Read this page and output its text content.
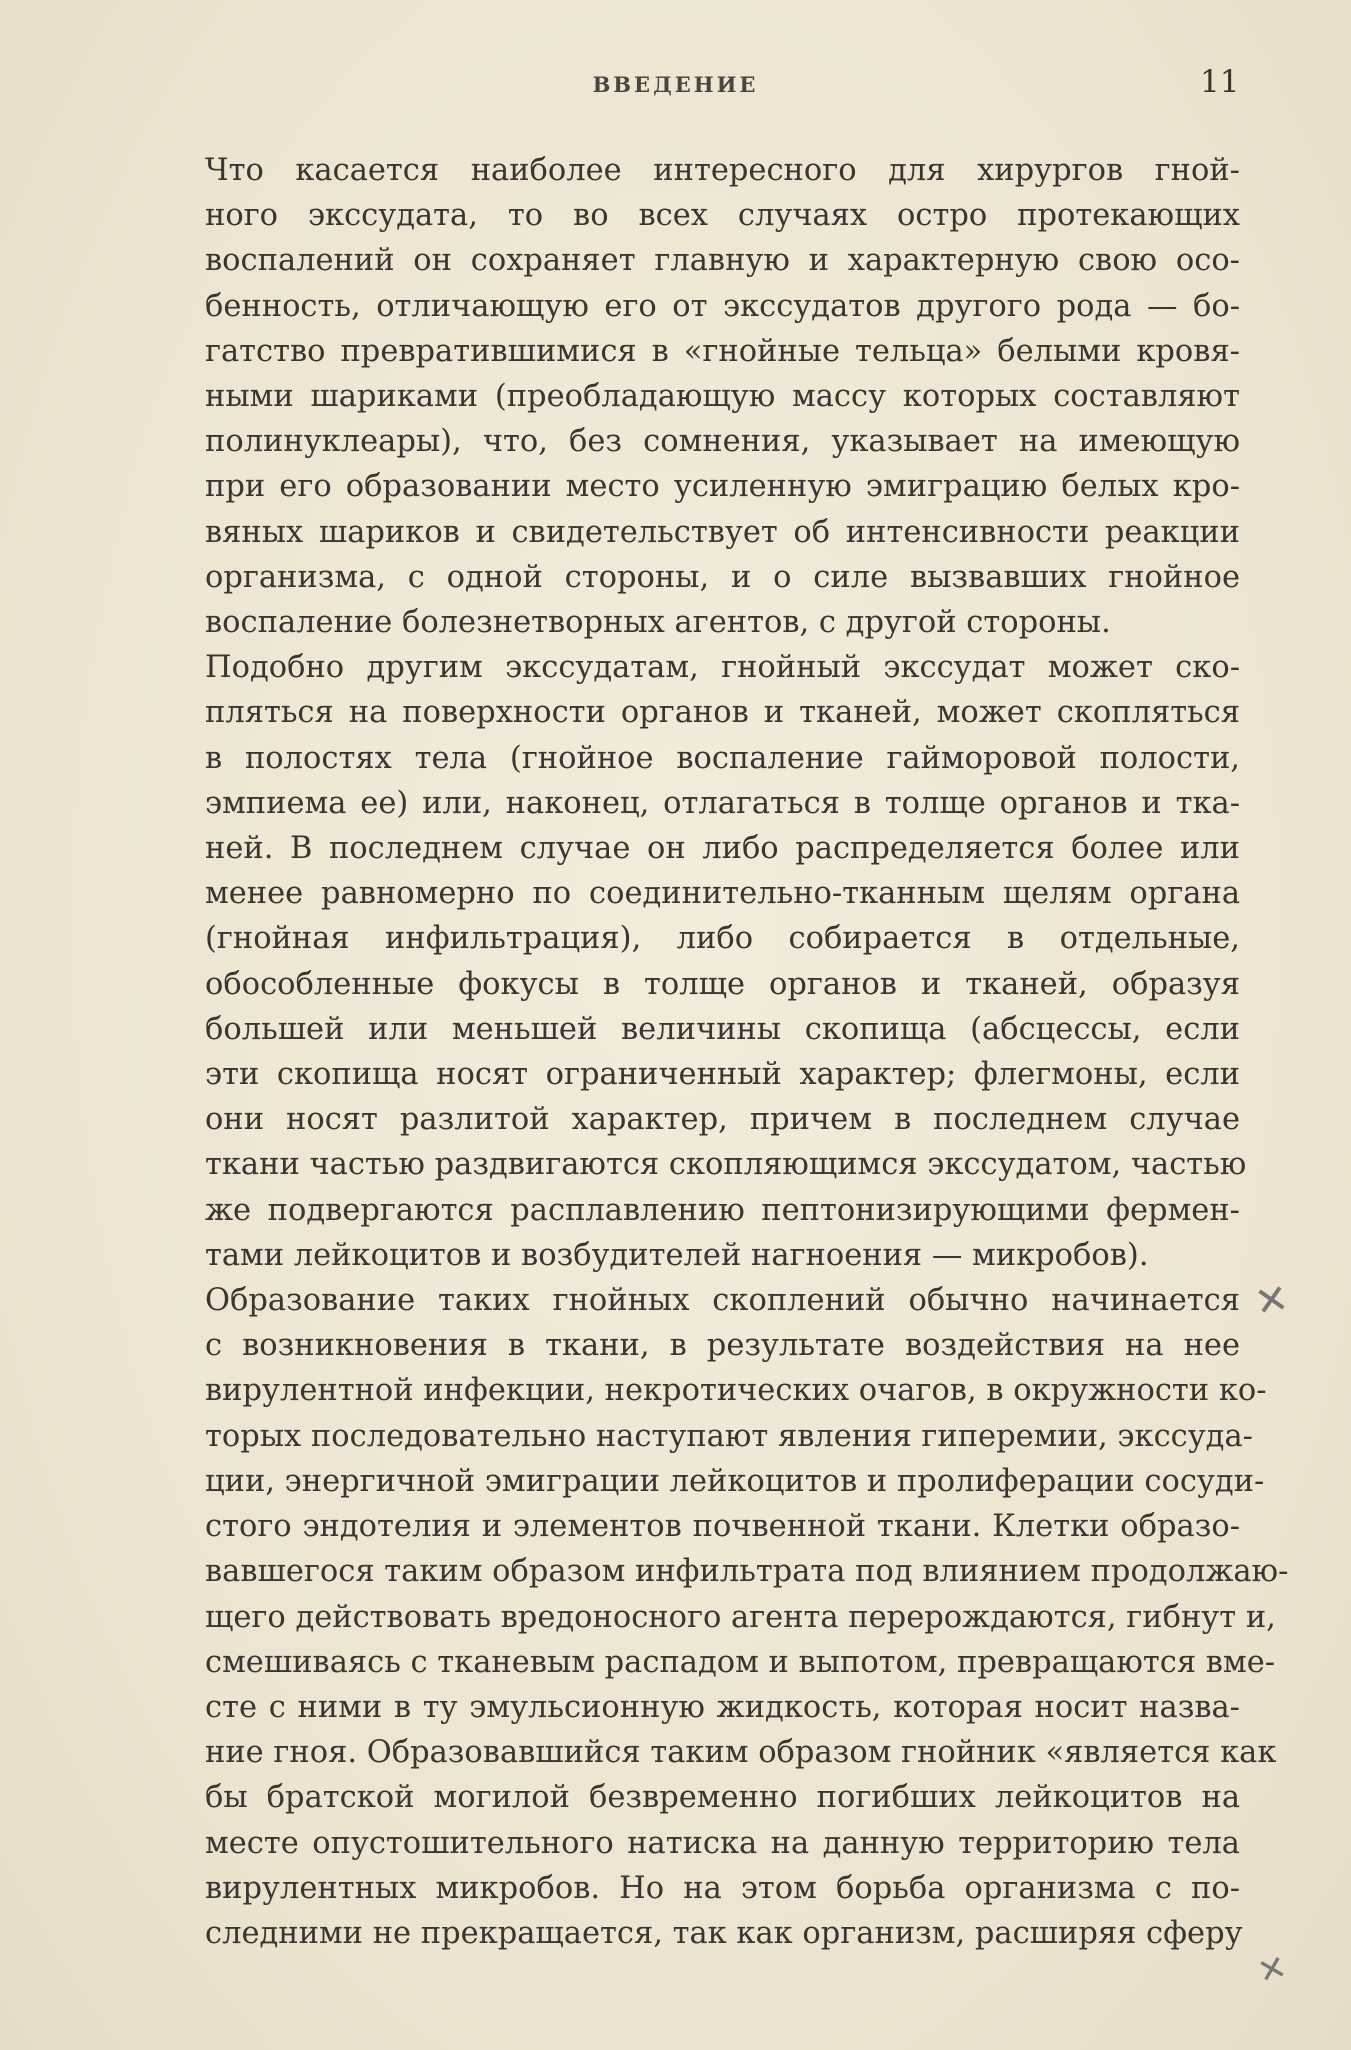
ВВЕДЕНИЕ	11
Что касается наиболее интересного для хирургов гной-
ного экссудата, то во всех случаях остро протекающих
воспалений он сохраняет главную и характерную свою осо-
бенность, отличающую его от экссудатов другого рода — бо-
гатство превратившимися в «гнойные тельца» белыми кровя-
ными шариками (преобладающую массу которых составляют
полинуклеары), что, без сомнения, указывает на имеющую
при его образовании место усиленную эмиграцию белых кро-
вяных шариков и свидетельствует об интенсивности реакции
организма, с одной стороны, и о силе вызвавших гнойное
воспаление болезнетворных агентов, с другой стороны.
Подобно другим экссудатам, гнойный экссудат может ско-
пляться на поверхности органов и тканей, может скопляться
в полостях тела (гнойное воспаление гайморовой полости,
эмпиема ее) или, наконец, отлагаться в толще органов и тка-
ней. В последнем случае он либо распределяется более или
менее равномерно по соединительно-тканным щелям органа
(гнойная инфильтрация), либо собирается в отдельные,
обособленные фокусы в толще органов и тканей, образуя
большей или меньшей величины скопища (абсцессы, если
эти скопища носят ограниченный характер; флегмоны, если
они носят разлитой характер, причем в последнем случае
ткани частью раздвигаются скопляющимся экссудатом, частью
же подвергаются расплавлению пептонизирующими фермен-
тами лейкоцитов и возбудителей нагноения — микробов).
Образование таких гнойных скоплений обычно начинается
с возникновения в ткани, в результате воздействия на нее
вирулентной инфекции, некротических очагов, в окружности ко-
торых последовательно наступают явления гиперемии, экссуда-
ции, энергичной эмиграции лейкоцитов и пролиферации сосуди-
стого эндотелия и элементов почвенной ткани. Клетки образо-
вавшегося таким образом инфильтрата под влиянием продолжаю-
щего действовать вредоносного агента перерождаются, гибнут и,
смешиваясь с тканевым распадом и выпотом, превращаются вме-
сте с ними в ту эмульсионную жидкость, которая носит назва-
ние гноя. Образовавшийся таким образом гнойник «является как
бы братской могилой безвременно погибших лейкоцитов на
месте опустошительного натиска на данную территорию тела
вирулентных микробов. Но на этом борьба организма с по-
следними не прекращается, так как организм, расширяя сферу
✕
✕
